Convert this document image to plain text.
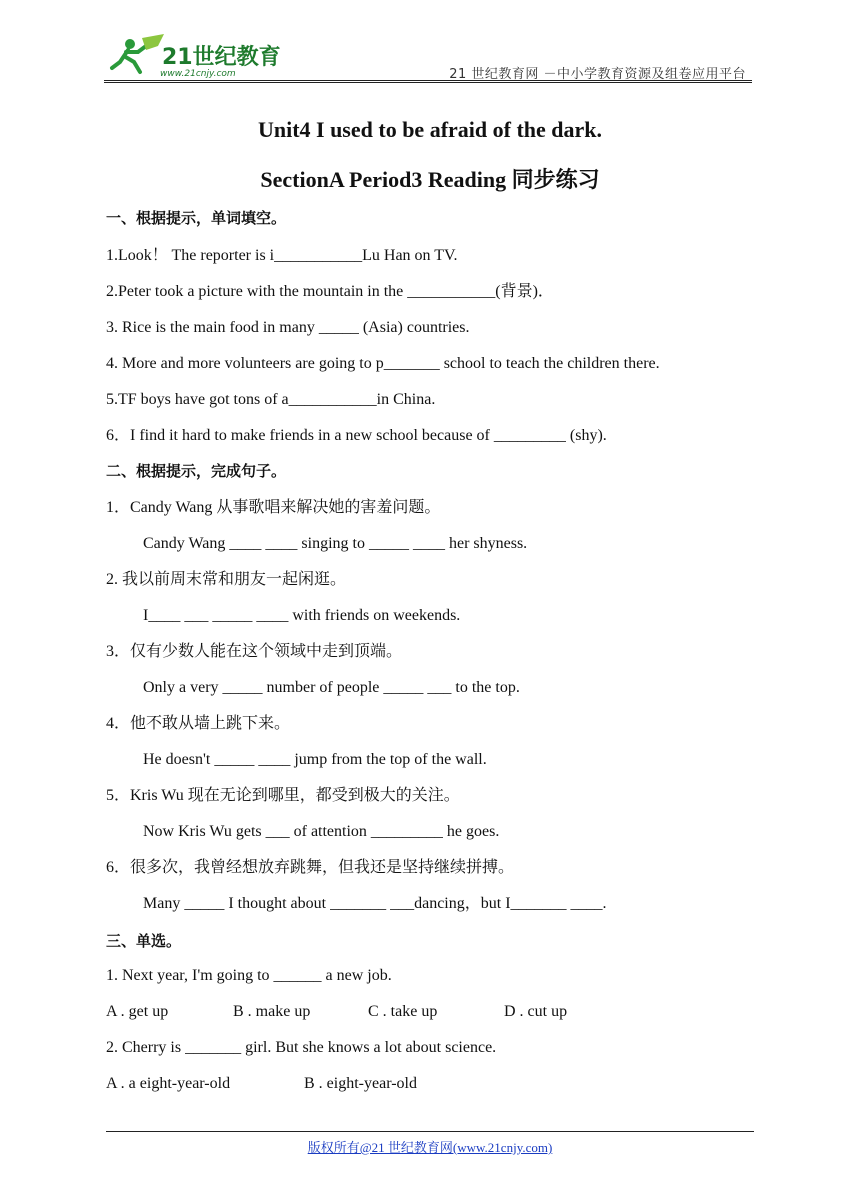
21世纪教育
www.21cnjy.com	21 世纪教育网 －中小学教育资源及组卷应用平台
Unit4 I used to be afraid of the dark.
SectionA Period3 Reading 同步练习
一、根据提示，单词填空。
1.Look！ The reporter is i___________Lu Han on TV.
2.Peter took a picture with the mountain in the ___________(背景)．
3. Rice is the main food in many _____ (Asia) countries.
4. More and more volunteers are going to p_______ school to teach the children there.
5.TF boys have got tons of a___________in China.
6．I find it hard to make friends in a new school because of _________ (shy).
二、根据提示，完成句子。
1．Candy Wang 从事歌唱来解决她的害羞问题。
Candy Wang ____ ____ singing to _____ ____ her shyness.
2. 我以前周末常和朋友一起闲逛。
I____ ___ _____ ____ with friends on weekends.
3．仅有少数人能在这个领域中走到顶端。
Only a very _____ number of people _____ ___ to the top.
4．他不敢从墙上跳下来。
He doesn't _____ ____ jump from the top of the wall.
5．Kris Wu 现在无论到哪里，都受到极大的关注。
Now Kris Wu gets ___ of attention _________ he goes.
6．很多次，我曾经想放弃跳舞，但我还是坚持继续拼搏。
Many _____ I thought about _______ ___dancing，but I_______ ____.
三、单选。
1. Next year, I'm going to ______ a new job.
A . get up	B . make up	C . take up	D . cut up
2. Cherry is _______ girl. But she knows a lot about science.
A . a eight-year-old	B . eight-year-old
版权所有@21 世纪教育网(www.21cnjy.com)
